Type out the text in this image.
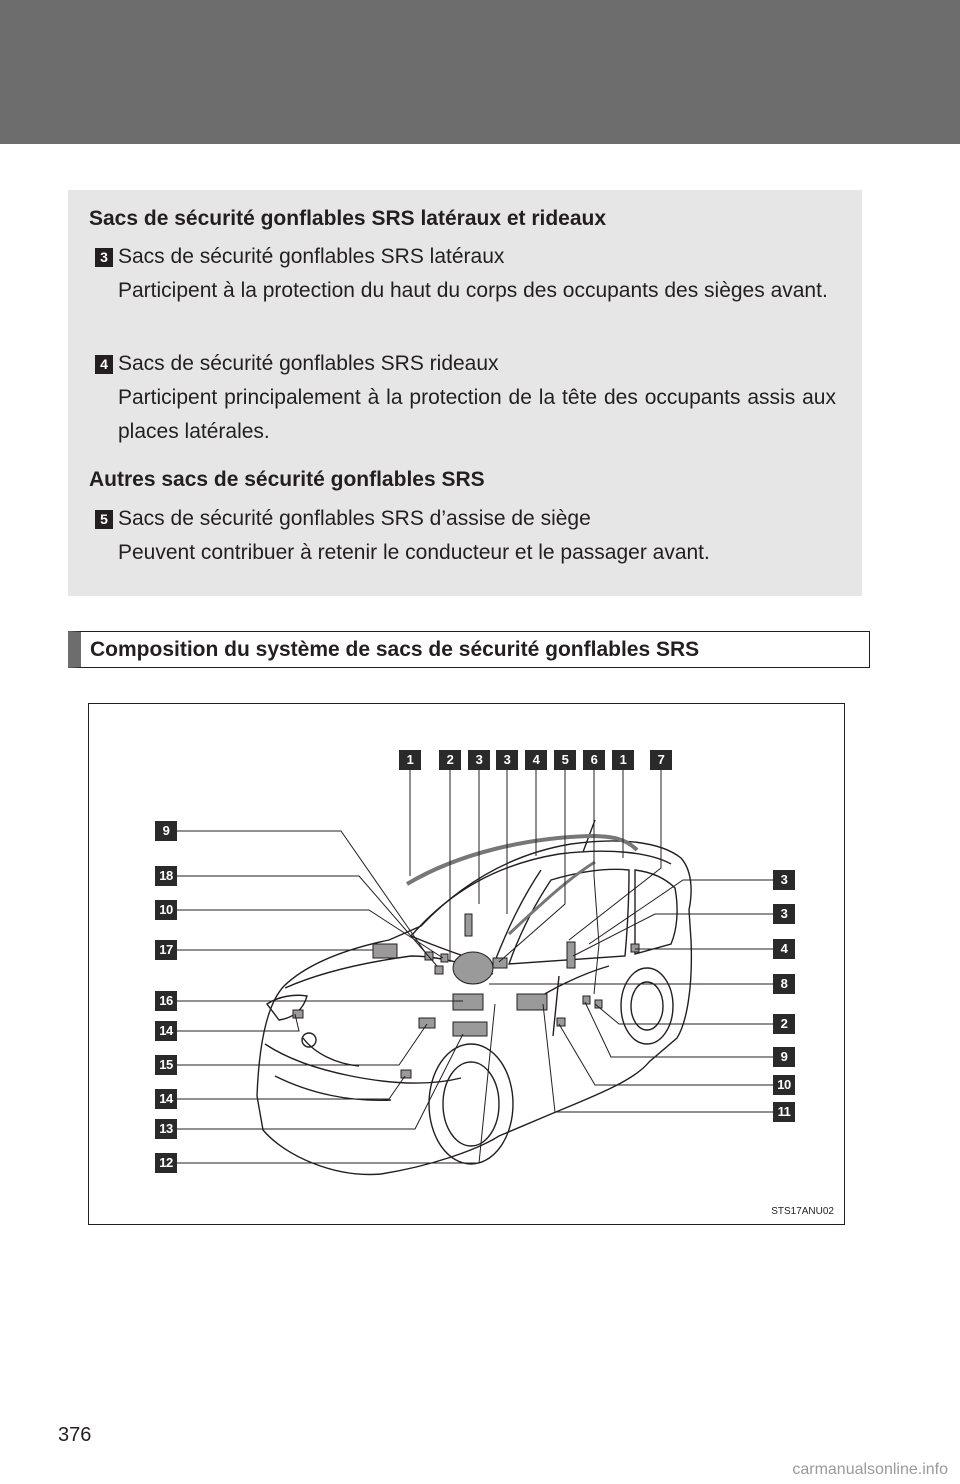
Sacs de sécurité gonflables SRS latéraux et rideaux
3 Sacs de sécurité gonflables SRS latéraux
Participent à la protection du haut du corps des occupants des sièges avant.
4 Sacs de sécurité gonflables SRS rideaux
Participent principalement à la protection de la tête des occupants assis aux places latérales.
Autres sacs de sécurité gonflables SRS
5 Sacs de sécurité gonflables SRS d’assise de siège
Peuvent contribuer à retenir le conducteur et le passager avant.
Composition du système de sacs de sécurité gonflables SRS
1	2	3	3	4	5	6	1	7
9
18
10
17
16
14
15
14
13
12
3
3
4
8
2
9
10
11
STS17ANU02
376
carmanualsonline.info
